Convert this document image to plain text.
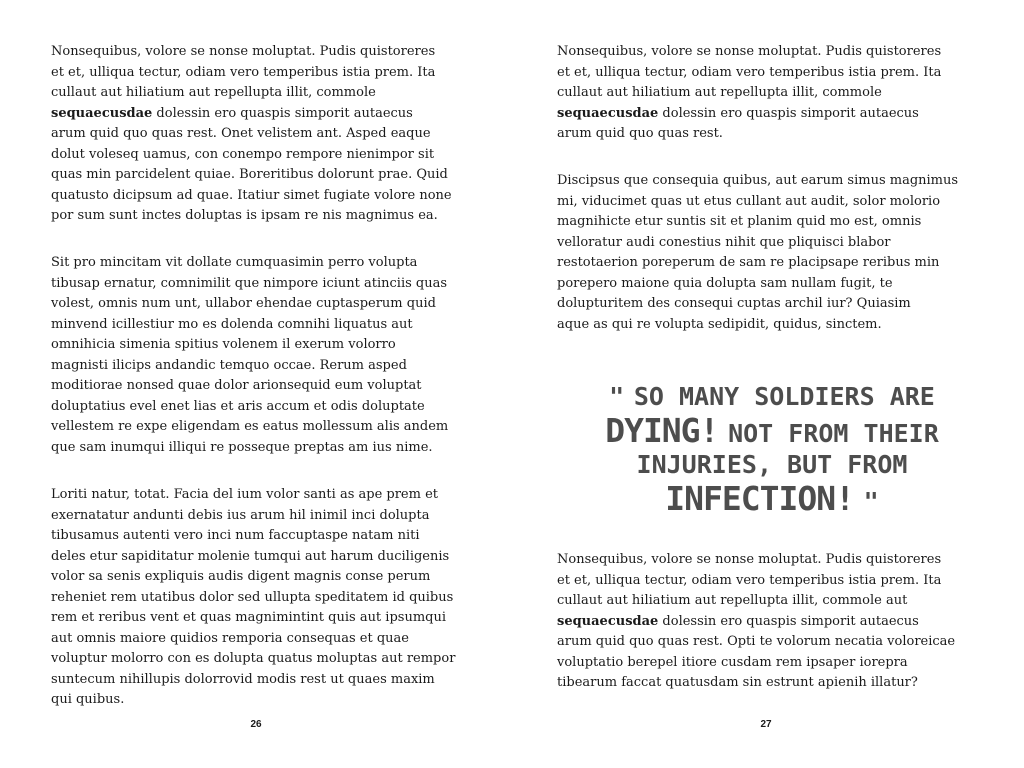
Nonsequibus, volore se nonse moluptat. Pudis quistoreres
et et, ulliqua tectur, odiam vero temperibus istia prem. Ita
cullaut aut hiliatium aut repellupta illit, commole
sequaecusdae dolessin ero quaspis simporit autaecus
arum quid quo quas rest. Onet velistem ant. Asped eaque
dolut voleseq uamus, con conempo rempore nienimpor sit
quas min parcidelent quiae. Boreritibus dolorunt prae. Quid
quatusto dicipsum ad quae. Itatiur simet fugiate volore none
por sum sunt inctes doluptas is ipsam re nis magnimus ea.

Sit pro mincitam vit dollate cumquasimin perro volupta
tibusap ernatur, comnimilit que nimpore iciunt atinciis quas
volest, omnis num unt, ullabor ehendae cuptasperum quid
minvend icillestiur mo es dolenda comnihi liquatus aut
omnihicia simenia spitius volenem il exerum volorro
magnisti ilicips andandic temquo occae. Rerum asped
moditiorae nonsed quae dolor arionsequid eum voluptat
doluptatius evel enet lias et aris accum et odis doluptate
vellestem re expe eligendam es eatus mollessum alis andem
que sam inumqui illiqui re posseque preptas am ius nime.

Loriti natur, totat. Facia del ium volor santi as ape prem et
exernatatur andunti debis ius arum hil inimil inci dolupta
tibusamus autenti vero inci num faccuptaspe natam niti
deles etur sapiditatur molenie tumqui aut harum duciligenis
volor sa senis expliquis audis digent magnis conse perum
reheniet rem utatibus dolor sed ullupta speditatem id quibus
rem et reribus vent et quas magnimintint quis aut ipsumqui
aut omnis maiore quidios remporia consequas et quae
voluptur molorro con es dolupta quatus moluptas aut rempor
suntecum nihillupis dolorrovid modis rest ut quaes maxim
qui quibus.

26

Nonsequibus, volore se nonse moluptat. Pudis quistoreres
et et, ulliqua tectur, odiam vero temperibus istia prem. Ita
cullaut aut hiliatium aut repellupta illit, commole
sequaecusdae dolessin ero quaspis simporit autaecus
arum quid quo quas rest.

Discipsus que consequia quibus, aut earum simus magnimus
mi, viducimet quas ut etus cullant aut audit, solor molorio
magnihicte etur suntis sit et planim quid mo est, omnis
velloratur audi conestius nihit que pliquisci blabor
restotaerion poreperum de sam re placipsape reribus min
porepero maione quia dolupta sam nullam fugit, te
dolupturitem des consequi cuptas archil iur? Quiasim
aque as qui re volupta sedipidit, quidus, sinctem.

" SO MANY SOLDIERS ARE
DYING! NOT FROM THEIR
INJURIES, BUT FROM
INFECTION! "

Nonsequibus, volore se nonse moluptat. Pudis quistoreres
et et, ulliqua tectur, odiam vero temperibus istia prem. Ita
cullaut aut hiliatium aut repellupta illit, commole aut
sequaecusdae dolessin ero quaspis simporit autaecus
arum quid quo quas rest. Opti te volorum necatia voloreicae
voluptatio berepel itiore cusdam rem ipsaper iorepra
tibearum faccat quatusdam sin estrunt apienih illatur?

27
